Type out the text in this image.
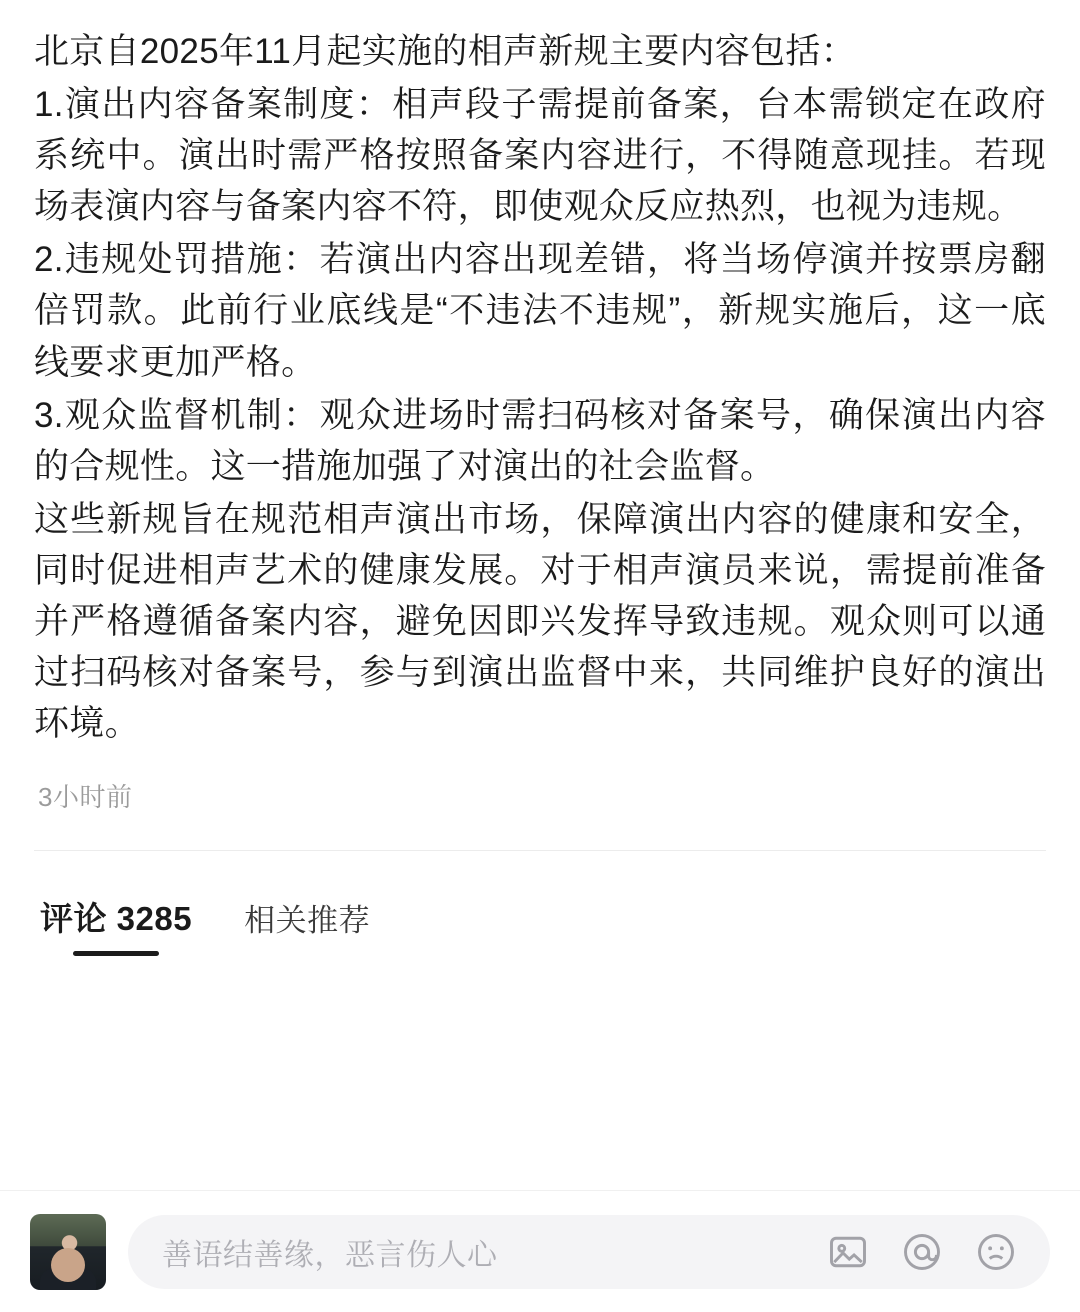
北京自2025年11月起实施的相声新规主要内容包括：

1.演出内容备案制度：相声段子需提前备案，台本需锁定在政府系统中。演出时需严格按照备案内容进行，不得随意现挂。若现场表演内容与备案内容不符，即使观众反应热烈，也视为违规。

2.违规处罚措施：若演出内容出现差错，将当场停演并按票房翻倍罚款。此前行业底线是“不违法不违规”，新规实施后，这一底线要求更加严格。

3.观众监督机制：观众进场时需扫码核对备案号，确保演出内容的合规性。这一措施加强了对演出的社会监督。

这些新规旨在规范相声演出市场，保障演出内容的健康和安全，同时促进相声艺术的健康发展。对于相声演员来说，需提前准备并严格遵循备案内容，避免因即兴发挥导致违规。观众则可以通过扫码核对备案号，参与到演出监督中来，共同维护良好的演出环境。

3小时前
评论 3285 相关推荐
善语结善缘，恶言伤人心
